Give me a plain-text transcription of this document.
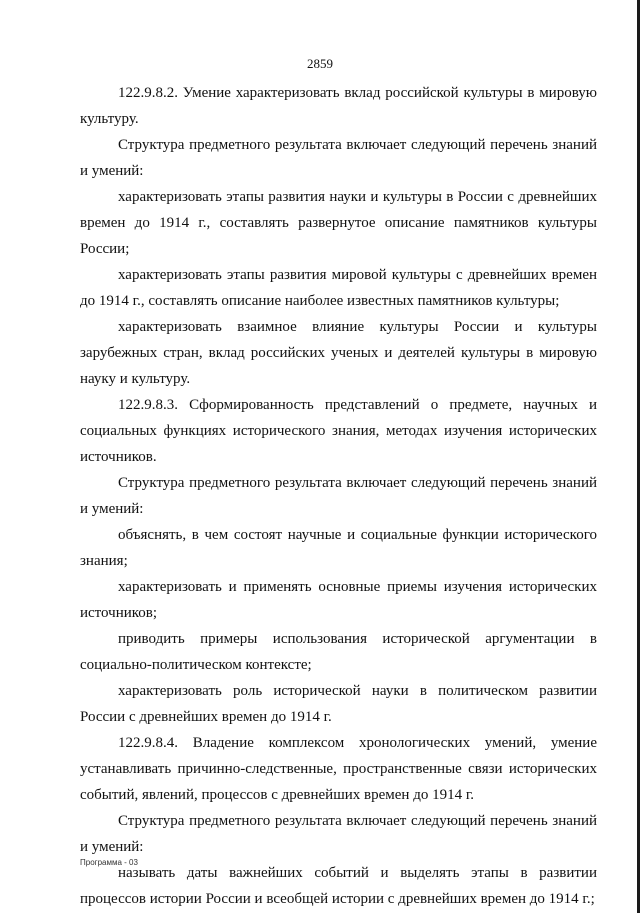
2859

122.9.8.2. Умение характеризовать вклад российской культуры в мировую культуру.

Структура предметного результата включает следующий перечень знаний и умений:

характеризовать этапы развития науки и культуры в России с древнейших времен до 1914 г., составлять развернутое описание памятников культуры России;

характеризовать этапы развития мировой культуры с древнейших времен до 1914 г., составлять описание наиболее известных памятников культуры;

характеризовать взаимное влияние культуры России и культуры зарубежных стран, вклад российских ученых и деятелей культуры в мировую науку и культуру.

122.9.8.3. Сформированность представлений о предмете, научных и социальных функциях исторического знания, методах изучения исторических источников.

Структура предметного результата включает следующий перечень знаний и умений:

объяснять, в чем состоят научные и социальные функции исторического знания;

характеризовать и применять основные приемы изучения исторических источников;

приводить примеры использования исторической аргументации в социально-политическом контексте;

характеризовать роль исторической науки в политическом развитии России с древнейших времен до 1914 г.

122.9.8.4. Владение комплексом хронологических умений, умение устанавливать причинно-следственные, пространственные связи исторических событий, явлений, процессов с древнейших времен до 1914 г.

Структура предметного результата включает следующий перечень знаний и умений:

называть даты важнейших событий и выделять этапы в развитии процессов истории России и всеобщей истории с древнейших времен до 1914 г.;

Программа - 03
